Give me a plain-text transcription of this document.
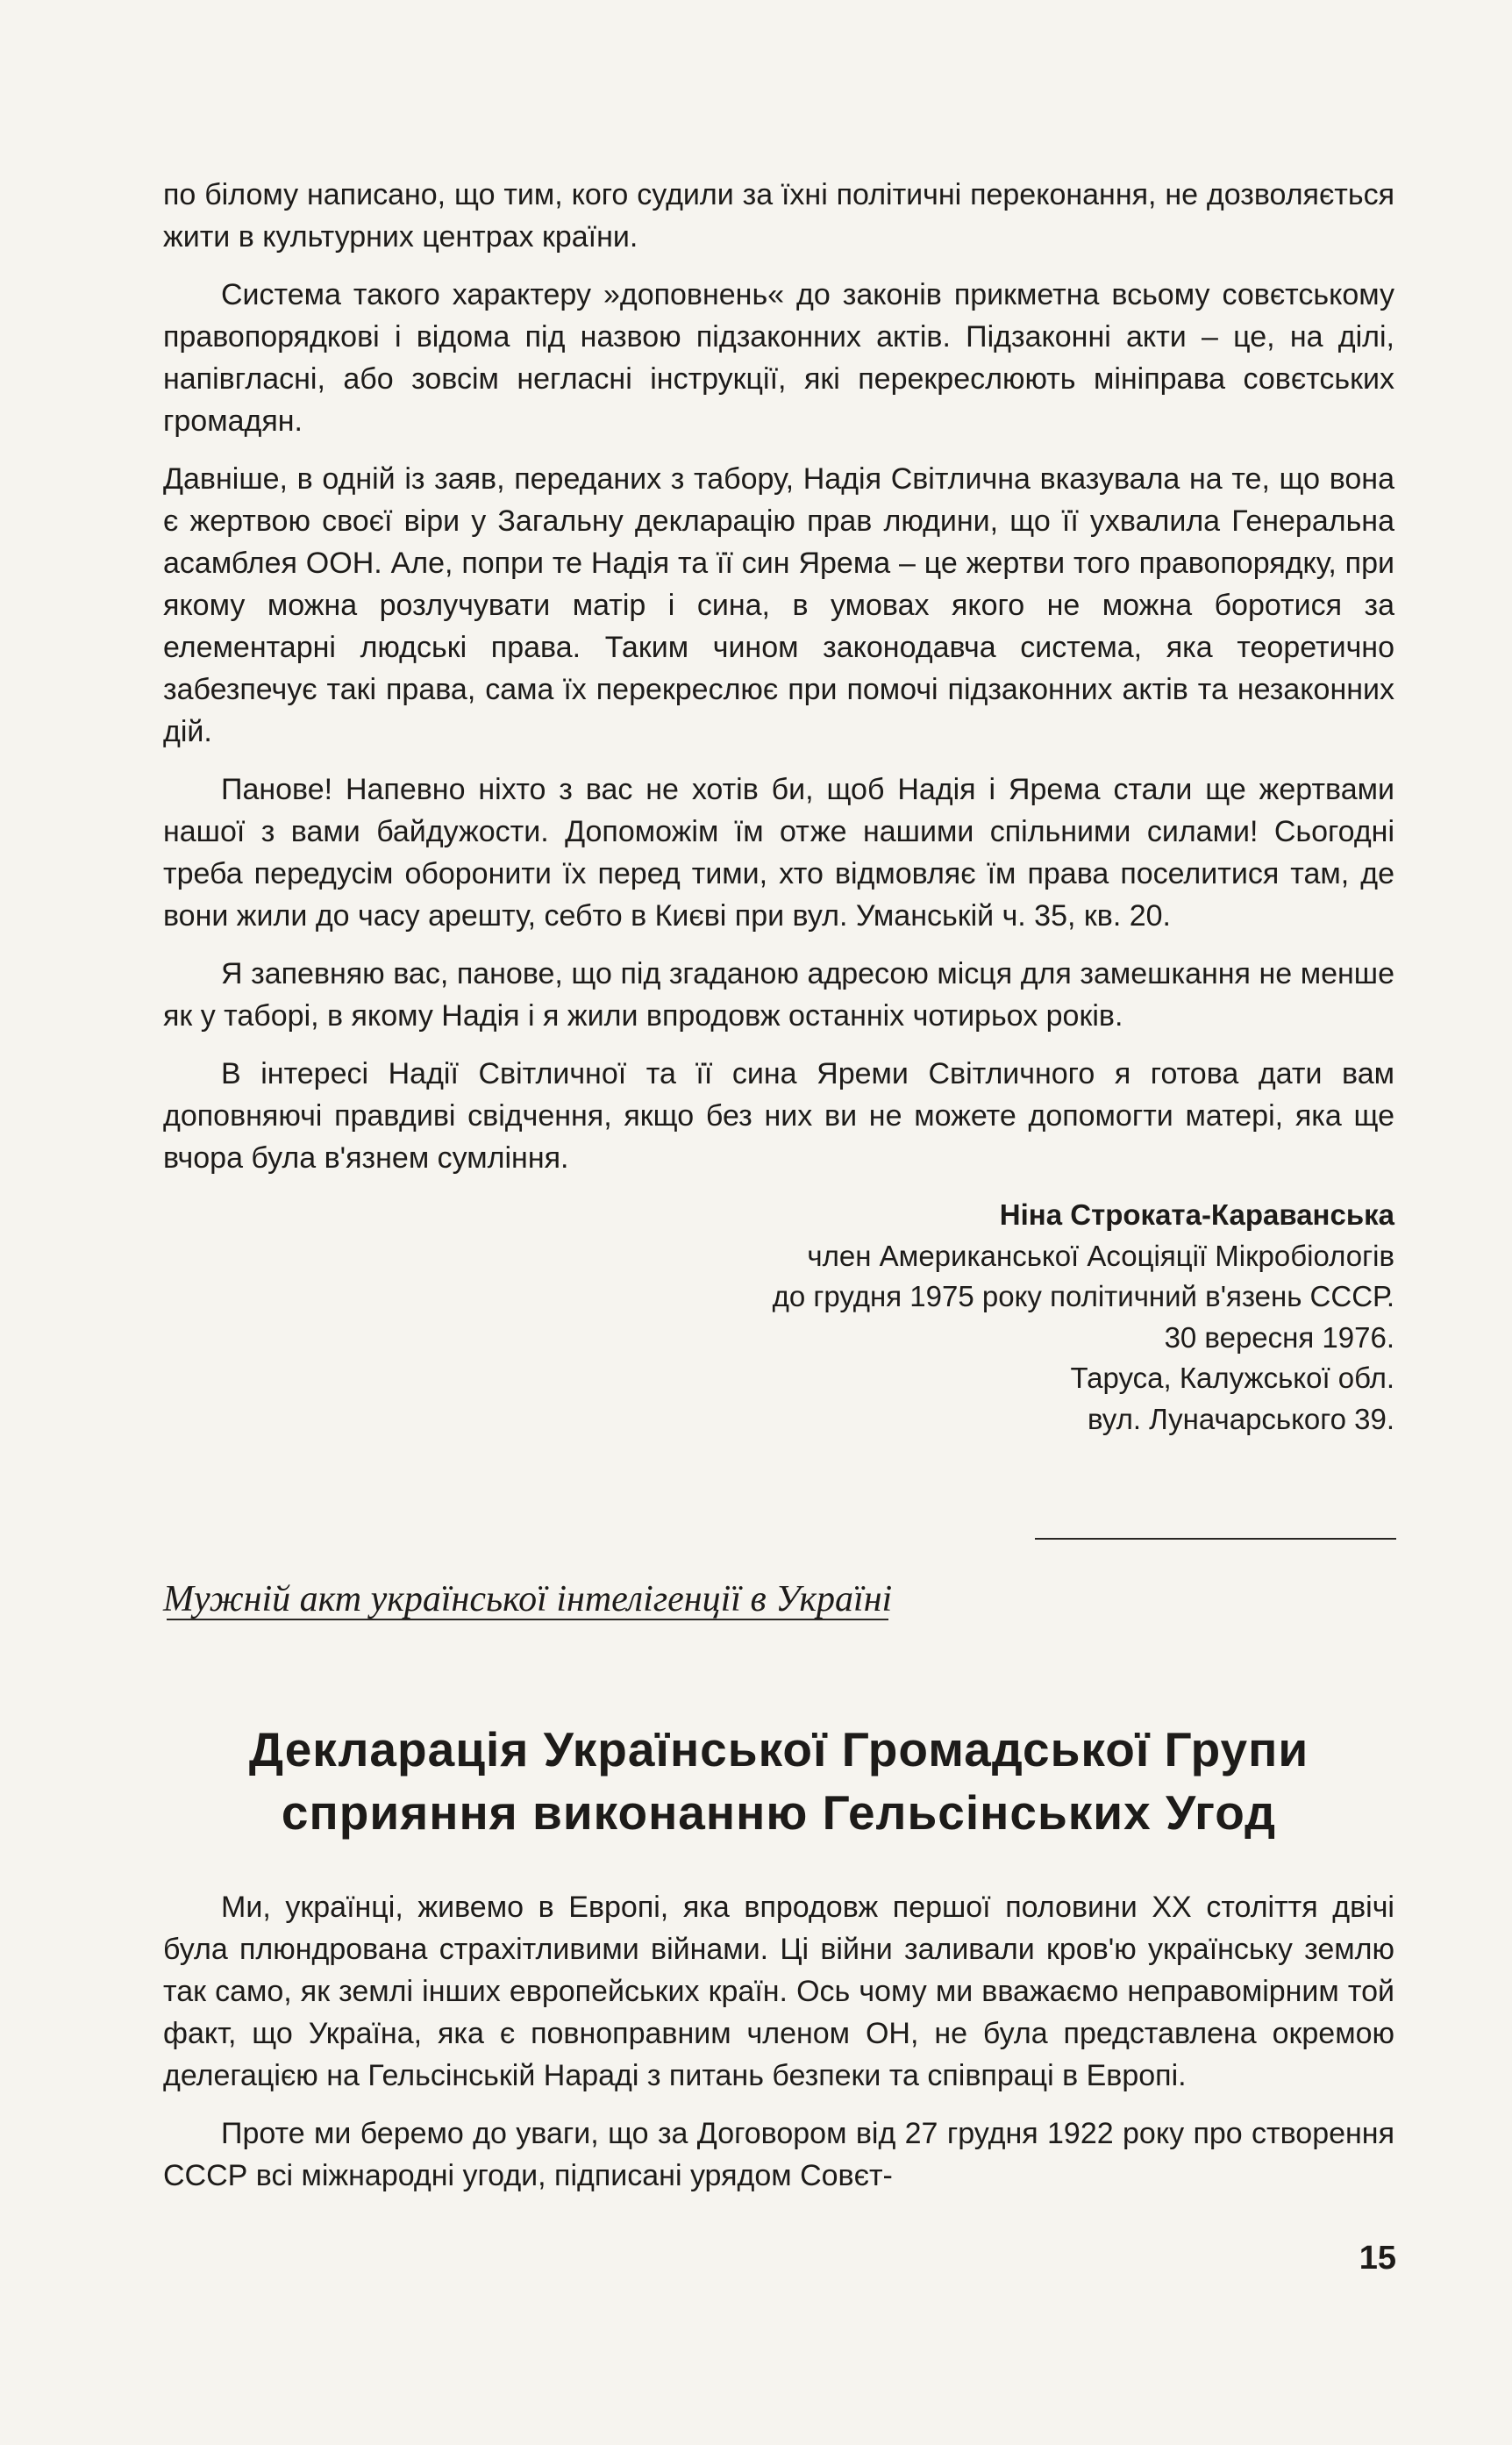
по білому написано, що тим, кого судили за їхні політичні переконання, не дозволяється жити в культурних центрах країни.

Система такого характеру »доповнень« до законів прикметна всьому совєтському правопорядкові і відома під назвою підзаконних актів. Підзаконні акти – це, на ділі, напівгласні, або зовсім негласні інструкції, які перекреслюють мініправа совєтських громадян.

Давніше, в одній із заяв, переданих з табору, Надія Світлична вказувала на те, що вона є жертвою своєї віри у Загальну декларацію прав людини, що її ухвалила Генеральна асамблея ООН. Але, попри те Надія та її син Ярема – це жертви того правопорядку, при якому можна розлучувати матір і сина, в умовах якого не можна боротися за елементарні людські права. Таким чином законодавча система, яка теоретично забезпечує такі права, сама їх перекреслює при помочі підзаконних актів та незаконних дій.

Панове! Напевно ніхто з вас не хотів би, щоб Надія і Ярема стали ще жертвами нашої з вами байдужости. Допоможім їм отже нашими спільними силами! Сьогодні треба передусім оборонити їх перед тими, хто відмовляє їм права поселитися там, де вони жили до часу арешту, себто в Києві при вул. Уманській ч. 35, кв. 20.

Я запевняю вас, панове, що під згаданою адресою місця для замешкання не менше як у таборі, в якому Надія і я жили впродовж останніх чотирьох років.

В інтересі Надії Світличної та її сина Яреми Світличного я готова дати вам доповняючі правдиві свідчення, якщо без них ви не можете допомогти матері, яка ще вчора була в'язнем сумління.

Ніна Строката-Караванська
член Американської Асоціяції Мікробіологів
до грудня 1975 року політичний в'язень СССР.
30 вересня 1976.
Таруса, Калужської обл.
вул. Луначарського 39.
Мужній акт української інтелігенції в Україні
Декларація Української Громадської Групи
сприяння виконанню Гельсінських Угод

Ми, українці, живемо в Европі, яка впродовж першої половини ХХ століття двічі була плюндрована страхітливими війнами. Ці війни заливали кров'ю українську землю так само, як землі інших европейських країн. Ось чому ми вважаємо неправомірним той факт, що Україна, яка є повноправним членом ОН, не була представлена окремою делегацією на Гельсінській Нараді з питань безпеки та співпраці в Европі.

Проте ми беремо до уваги, що за Договором від 27 грудня 1922 року про створення СССР всі міжнародні угоди, підписані урядом Совєт-

15
